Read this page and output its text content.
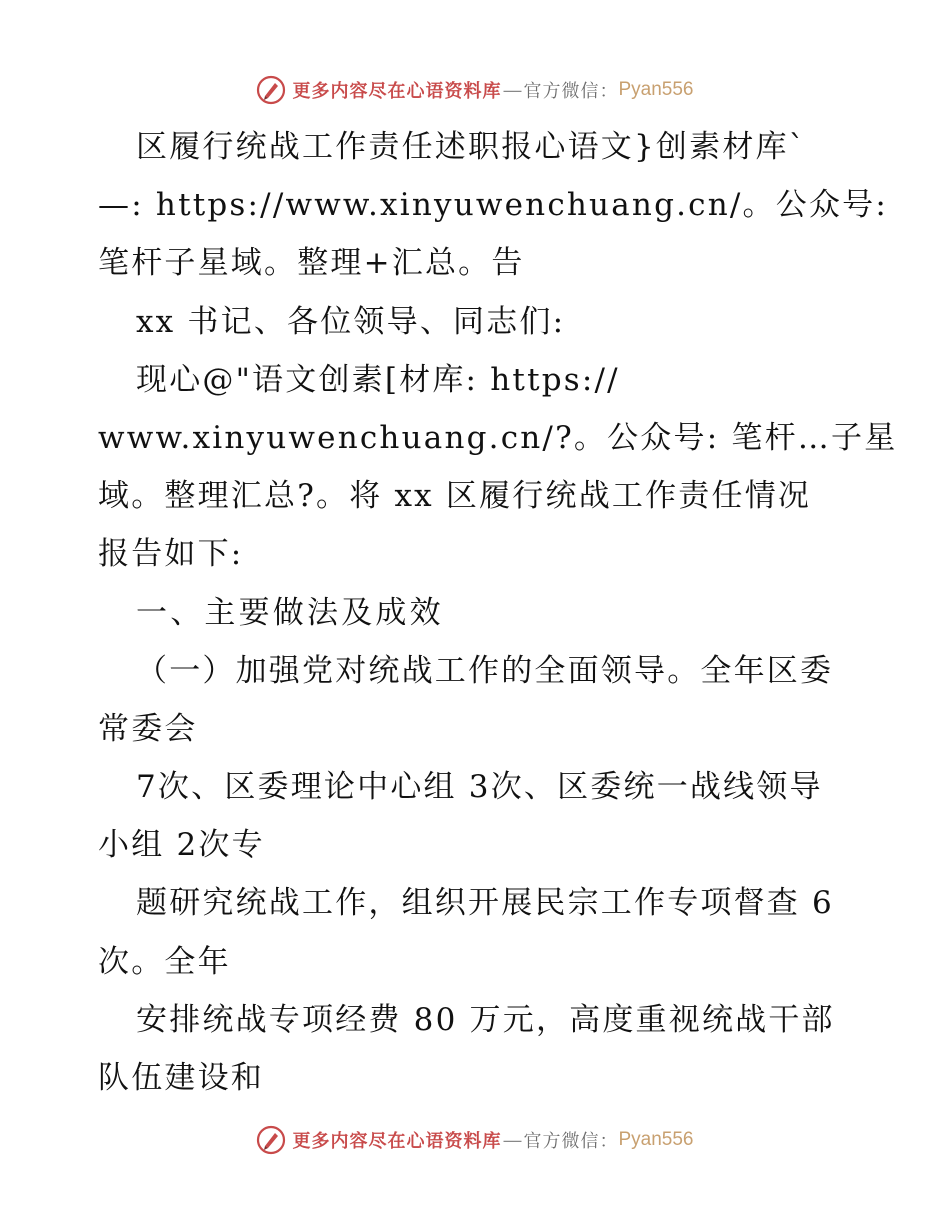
更多内容尽在心语资料库 — 官方微信： Pyan556
区履行统战工作责任述职报心语文}创素材库`
—: https://www.xinyuwenchuang.cn/。公众号:
笔杆子星域。整理+汇总。告
xx 书记、各位领导、同志们:
现心@"语文创素[材库: https://
www.xinyuwenchuang.cn/?。公众号: 笔杆…子星
域。整理汇总?。将 xx 区履行统战工作责任情况
报告如下:
一、主要做法及成效
（一）加强党对统战工作的全面领导。全年区委
常委会
7次、区委理论中心组 3次、区委统一战线领导
小组 2次专
题研究统战工作，组织开展民宗工作专项督查 6
次。全年
安排统战专项经费 80 万元，高度重视统战干部
队伍建设和
更多内容尽在心语资料库 — 官方微信： Pyan556
